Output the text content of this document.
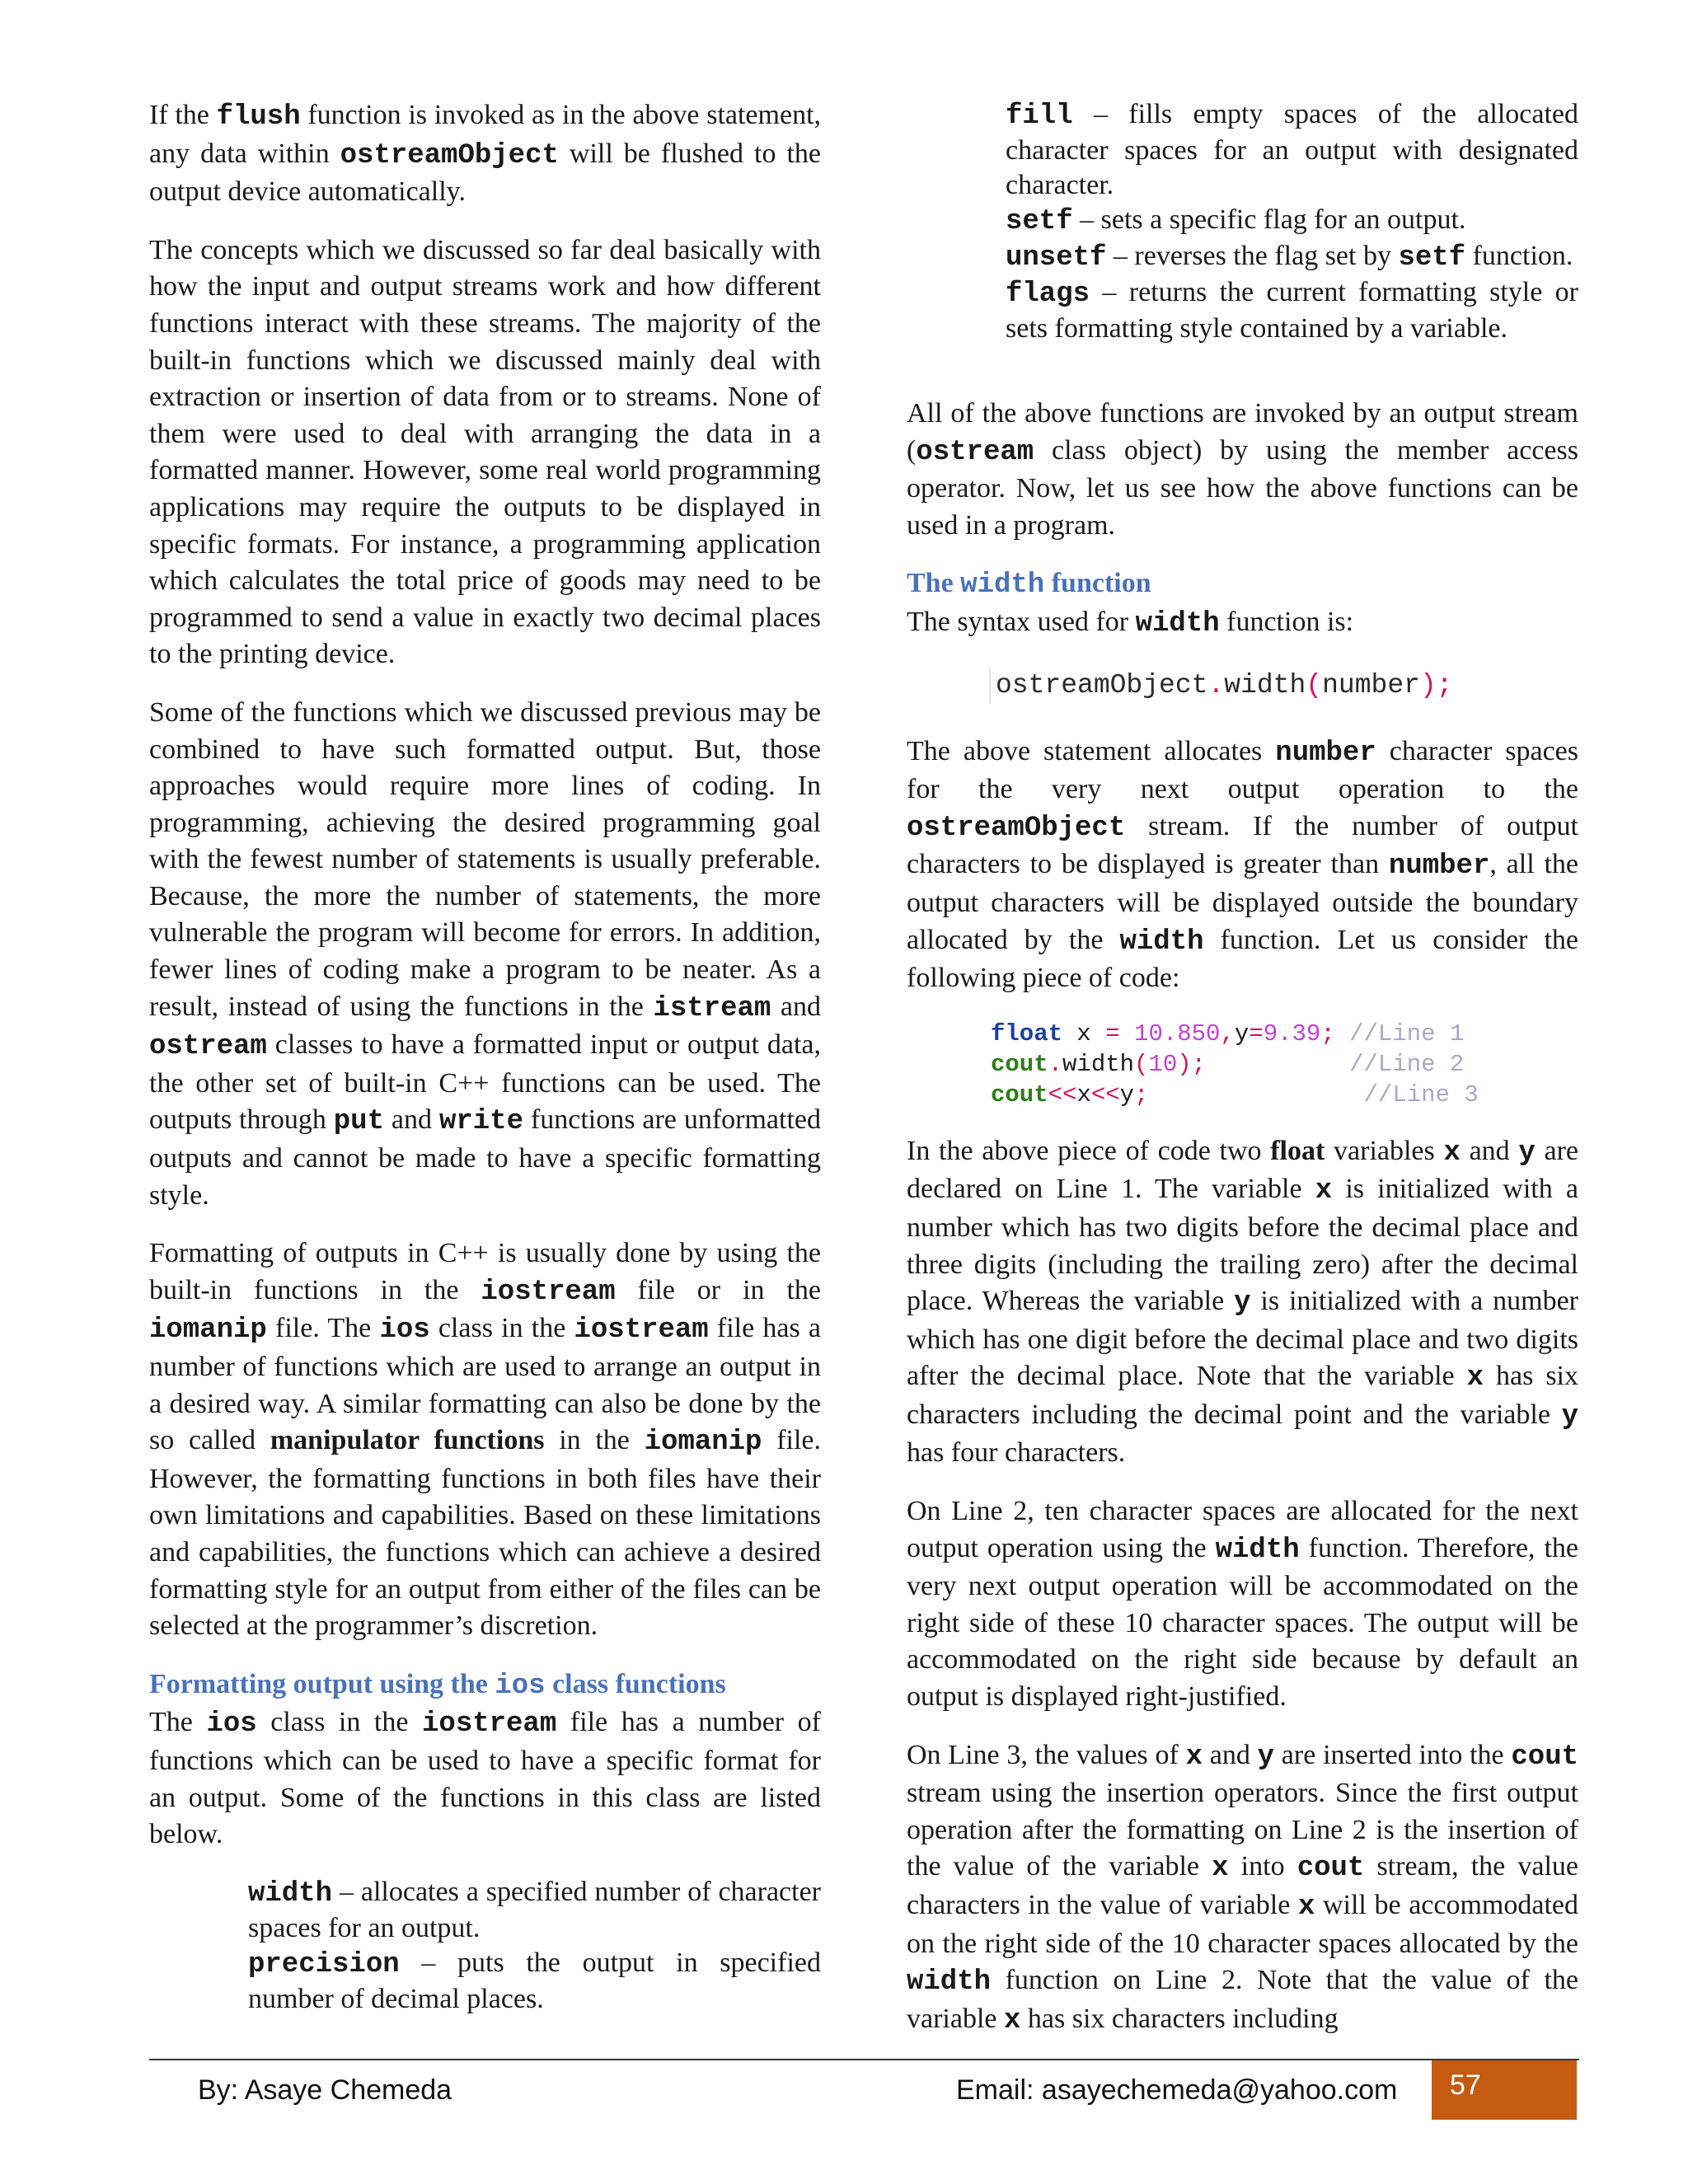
If the flush function is invoked as in the above statement, any data within ostreamObject will be flushed to the output device automatically.

The concepts which we discussed so far deal basically with how the input and output streams work and how different functions interact with these streams. The majority of the built-in functions which we discussed mainly deal with extraction or insertion of data from or to streams. None of them were used to deal with arranging the data in a formatted manner. However, some real world programming applications may require the outputs to be displayed in specific formats. For instance, a programming application which calculates the total price of goods may need to be programmed to send a value in exactly two decimal places to the printing device.

Some of the functions which we discussed previous may be combined to have such formatted output. But, those approaches would require more lines of coding. In programming, achieving the desired programming goal with the fewest number of statements is usually preferable. Because, the more the number of statements, the more vulnerable the program will become for errors. In addition, fewer lines of coding make a program to be neater. As a result, instead of using the functions in the istream and ostream classes to have a formatted input or output data, the other set of built-in C++ functions can be used. The outputs through put and write functions are unformatted outputs and cannot be made to have a specific formatting style.

Formatting of outputs in C++ is usually done by using the built-in functions in the iostream file or in the iomanip file. The ios class in the iostream file has a number of functions which are used to arrange an output in a desired way. A similar formatting can also be done by the so called manipulator functions in the iomanip file. However, the formatting functions in both files have their own limitations and capabilities. Based on these limitations and capabilities, the functions which can achieve a desired formatting style for an output from either of the files can be selected at the programmer’s discretion.

Formatting output using the ios class functions

The ios class in the iostream file has a number of functions which can be used to have a specific format for an output. Some of the functions in this class are listed below.

width – allocates a specified number of character spaces for an output.
precision – puts the output in specified number of decimal places.
fill – fills empty spaces of the allocated character spaces for an output with designated character.
setf – sets a specific flag for an output.
unsetf – reverses the flag set by setf function.
flags – returns the current formatting style or sets formatting style contained by a variable.

All of the above functions are invoked by an output stream (ostream class object) by using the member access operator. Now, let us see how the above functions can be used in a program.

The width function

The syntax used for width function is:

ostreamObject.width(number);

The above statement allocates number character spaces for the very next output operation to the ostreamObject stream. If the number of output characters to be displayed is greater than number, all the output characters will be displayed outside the boundary allocated by the width function. Let us consider the following piece of code:

float x = 10.850,y=9.39; //Line 1
cout.width(10);          //Line 2
cout<<x<<y;               //Line 3

In the above piece of code two float variables x and y are declared on Line 1. The variable x is initialized with a number which has two digits before the decimal place and three digits (including the trailing zero) after the decimal place. Whereas the variable y is initialized with a number which has one digit before the decimal place and two digits after the decimal place. Note that the variable x has six characters including the decimal point and the variable y has four characters.

On Line 2, ten character spaces are allocated for the next output operation using the width function. Therefore, the very next output operation will be accommodated on the right side of these 10 character spaces. The output will be accommodated on the right side because by default an output is displayed right-justified.

On Line 3, the values of x and y are inserted into the cout stream using the insertion operators. Since the first output operation after the formatting on Line 2 is the insertion of the value of the variable x into cout stream, the value characters in the value of variable x will be accommodated on the right side of the 10 character spaces allocated by the width function on Line 2. Note that the value of the variable x has six characters including

By: Asaye Chemeda	Email: asayechemeda@yahoo.com	57
